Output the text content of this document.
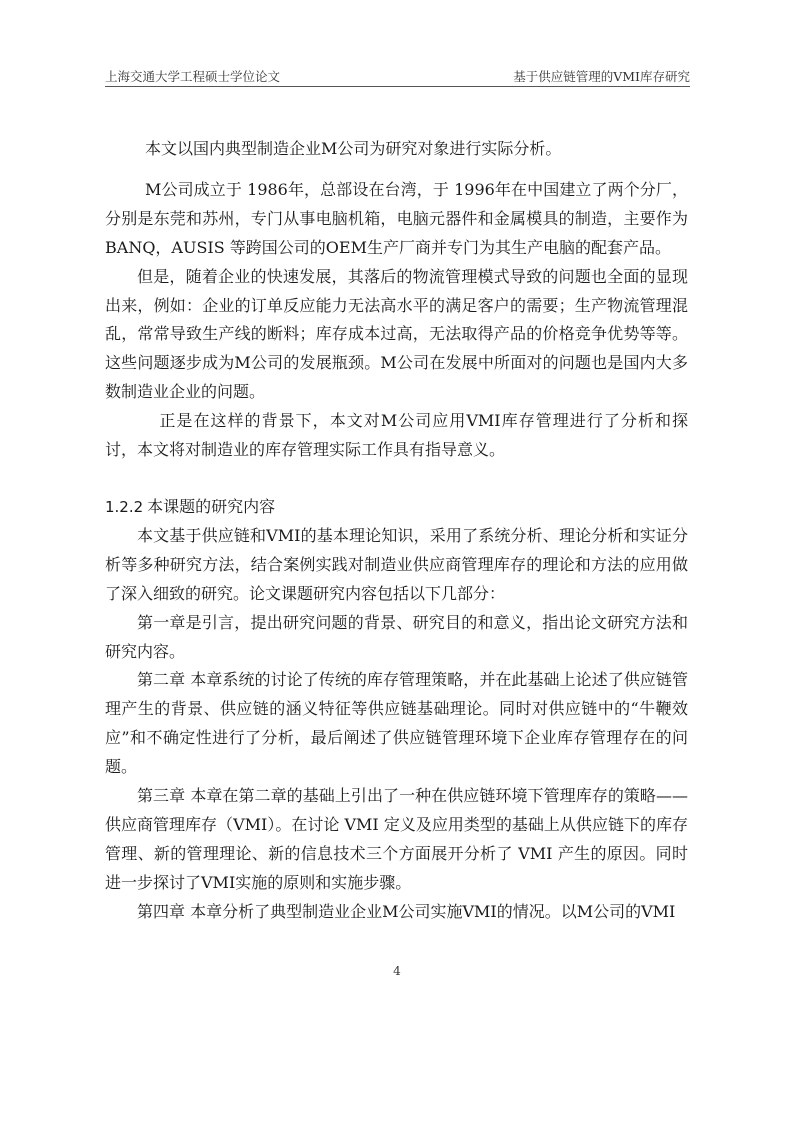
上海交通大学工程硕士学位论文	基于供应链管理的VMI库存研究

本文以国内典型制造企业M公司为研究对象进行实际分析。

M公司成立于 1986年，总部设在台湾，于 1996年在中国建立了两个分厂，分别是东莞和苏州，专门从事电脑机箱，电脑元器件和金属模具的制造，主要作为BANQ，AUSIS 等跨国公司的OEM生产厂商并专门为其生产电脑的配套产品。

但是，随着企业的快速发展，其落后的物流管理模式导致的问题也全面的显现出来，例如：企业的订单反应能力无法高水平的满足客户的需要；生产物流管理混乱，常常导致生产线的断料；库存成本过高，无法取得产品的价格竞争优势等等。这些问题逐步成为M公司的发展瓶颈。M公司在发展中所面对的问题也是国内大多数制造业企业的问题。

正是在这样的背景下，本文对M公司应用VMI库存管理进行了分析和探讨，本文将对制造业的库存管理实际工作具有指导意义。

1.2.2 本课题的研究内容

本文基于供应链和VMI的基本理论知识，采用了系统分析、理论分析和实证分析等多种研究方法，结合案例实践对制造业供应商管理库存的理论和方法的应用做了深入细致的研究。论文课题研究内容包括以下几部分：

第一章是引言，提出研究问题的背景、研究目的和意义，指出论文研究方法和研究内容。

第二章 本章系统的讨论了传统的库存管理策略，并在此基础上论述了供应链管理产生的背景、供应链的涵义特征等供应链基础理论。同时对供应链中的“牛鞭效应”和不确定性进行了分析，最后阐述了供应链管理环境下企业库存管理存在的问题。

第三章 本章在第二章的基础上引出了一种在供应链环境下管理库存的策略——供应商管理库存（VMI）。在讨论 VMI 定义及应用类型的基础上从供应链下的库存管理、新的管理理论、新的信息技术三个方面展开分析了 VMI 产生的原因。同时进一步探讨了VMI实施的原则和实施步骤。

第四章 本章分析了典型制造业企业M公司实施VMI的情况。以M公司的VMI

4
